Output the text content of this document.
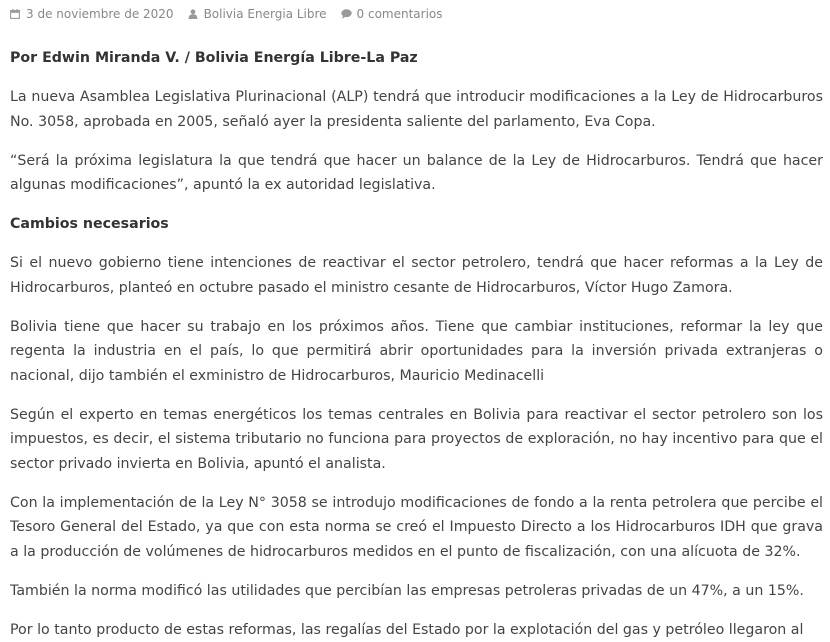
3 de noviembre de 2020	Bolivia Energia Libre	0 comentarios

Por Edwin Miranda V. / Bolivia Energía Libre-La Paz

La nueva Asamblea Legislativa Plurinacional (ALP) tendrá que introducir modificaciones a la Ley de Hidrocarburos No. 3058, aprobada en 2005, señaló ayer la presidenta saliente del parlamento, Eva Copa.

“Será la próxima legislatura la que tendrá que hacer un balance de la Ley de Hidrocarburos. Tendrá que hacer algunas modificaciones”, apuntó la ex autoridad legislativa.

Cambios necesarios

Si el nuevo gobierno tiene intenciones de reactivar el sector petrolero, tendrá que hacer reformas a la Ley de Hidrocarburos, planteó en octubre pasado el ministro cesante de Hidrocarburos, Víctor Hugo Zamora.

Bolivia tiene que hacer su trabajo en los próximos años. Tiene que cambiar instituciones, reformar la ley que regenta la industria en el país, lo que permitirá abrir oportunidades para la inversión privada extranjeras o nacional, dijo también el exministro de Hidrocarburos, Mauricio Medinacelli

Según el experto en temas energéticos los temas centrales en Bolivia para reactivar el sector petrolero son los impuestos, es decir, el sistema tributario no funciona para proyectos de exploración, no hay incentivo para que el sector privado invierta en Bolivia, apuntó el analista.

Con la implementación de la Ley N° 3058 se introdujo modificaciones de fondo a la renta petrolera que percibe el Tesoro General del Estado, ya que con esta norma se creó el Impuesto Directo a los Hidrocarburos IDH que grava a la producción de volúmenes de hidrocarburos medidos en el punto de fiscalización, con una alícuota de 32%.

También la norma modificó las utilidades que percibían las empresas petroleras privadas de un 47%, a un 15%.

Por lo tanto producto de estas reformas, las regalías del Estado por la explotación del gas y petróleo llegaron al
